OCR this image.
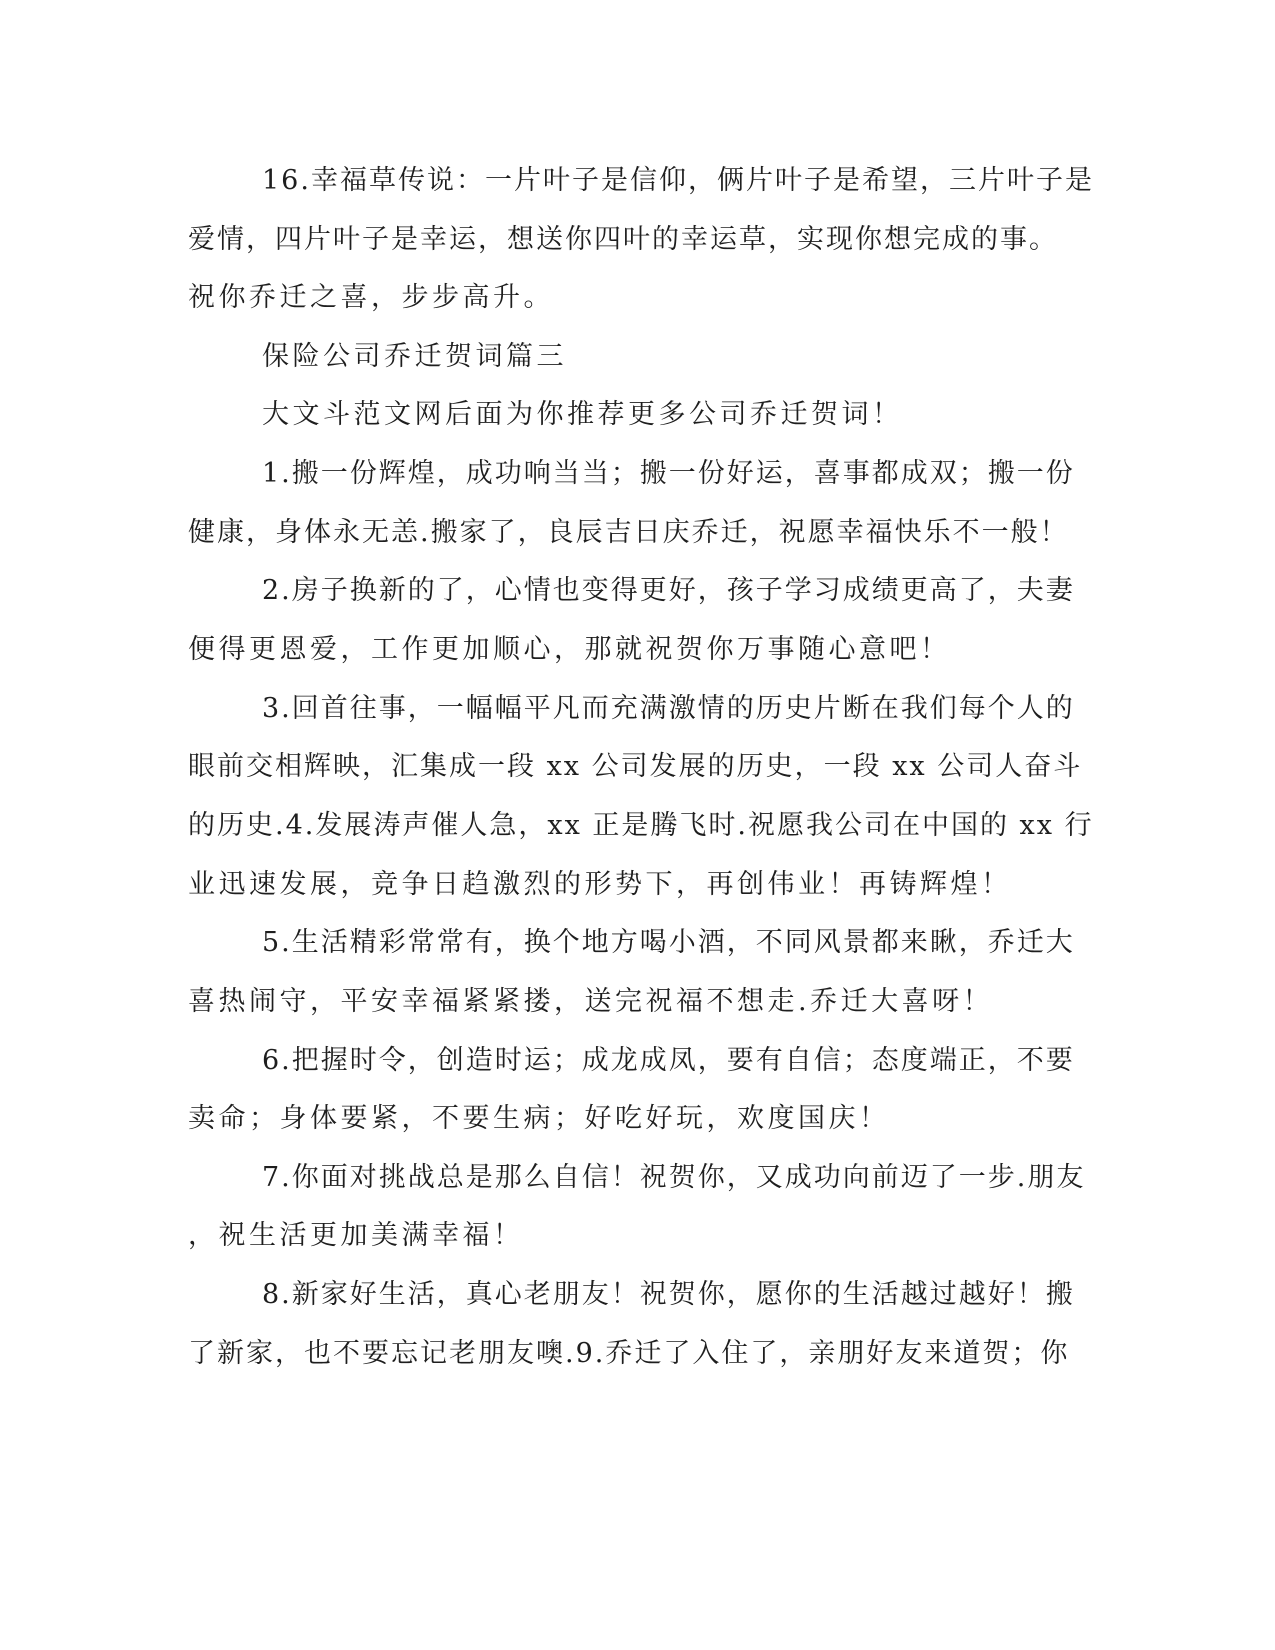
16.幸福草传说：一片叶子是信仰，俩片叶子是希望，三片叶子是
爱情，四片叶子是幸运，想送你四叶的幸运草，实现你想完成的事。
祝你乔迁之喜，步步高升。
保险公司乔迁贺词篇三
大文斗范文网后面为你推荐更多公司乔迁贺词！
1.搬一份辉煌，成功响当当；搬一份好运，喜事都成双；搬一份
健康，身体永无恙.搬家了，良辰吉日庆乔迁，祝愿幸福快乐不一般！
2.房子换新的了，心情也变得更好，孩子学习成绩更高了，夫妻
便得更恩爱，工作更加顺心，那就祝贺你万事随心意吧！
3.回首往事，一幅幅平凡而充满激情的历史片断在我们每个人的
眼前交相辉映，汇集成一段 xx 公司发展的历史，一段 xx 公司人奋斗
的历史.4.发展涛声催人急，xx 正是腾飞时.祝愿我公司在中国的 xx 行
业迅速发展，竞争日趋激烈的形势下，再创伟业！再铸辉煌！
5.生活精彩常常有，换个地方喝小酒，不同风景都来瞅，乔迁大
喜热闹守，平安幸福紧紧搂，送完祝福不想走.乔迁大喜呀！
6.把握时令，创造时运；成龙成凤，要有自信；态度端正，不要
卖命；身体要紧，不要生病；好吃好玩，欢度国庆！
7.你面对挑战总是那么自信！祝贺你，又成功向前迈了一步.朋友
，祝生活更加美满幸福！
8.新家好生活，真心老朋友！祝贺你，愿你的生活越过越好！搬
了新家，也不要忘记老朋友噢.9.乔迁了入住了，亲朋好友来道贺；你
